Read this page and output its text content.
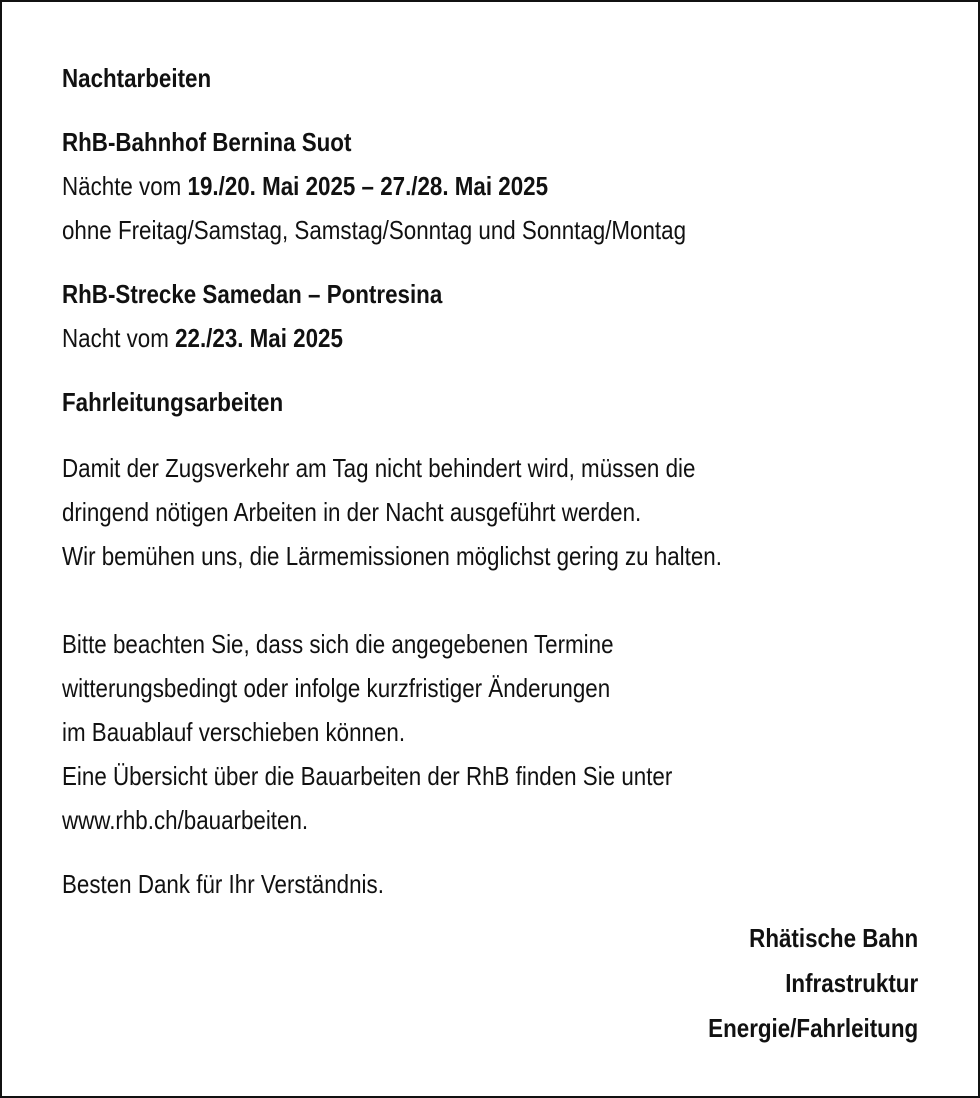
Nachtarbeiten
RhB-Bahnhof Bernina Suot
Nächte vom 19./20. Mai 2025 – 27./28. Mai 2025
ohne Freitag/Samstag, Samstag/Sonntag und Sonntag/Montag
RhB-Strecke Samedan – Pontresina
Nacht vom 22./23. Mai 2025
Fahrleitungsarbeiten
Damit der Zugsverkehr am Tag nicht behindert wird, müssen die
dringend nötigen Arbeiten in der Nacht ausgeführt werden.
Wir bemühen uns, die Lärmemissionen möglichst gering zu halten.
Bitte beachten Sie, dass sich die angegebenen Termine
witterungsbedingt oder infolge kurzfristiger Änderungen
im Bauablauf verschieben können.
Eine Übersicht über die Bauarbeiten der RhB finden Sie unter
www.rhb.ch/bauarbeiten.
Besten Dank für Ihr Verständnis.
Rhätische Bahn
Infrastruktur
Energie/Fahrleitung
